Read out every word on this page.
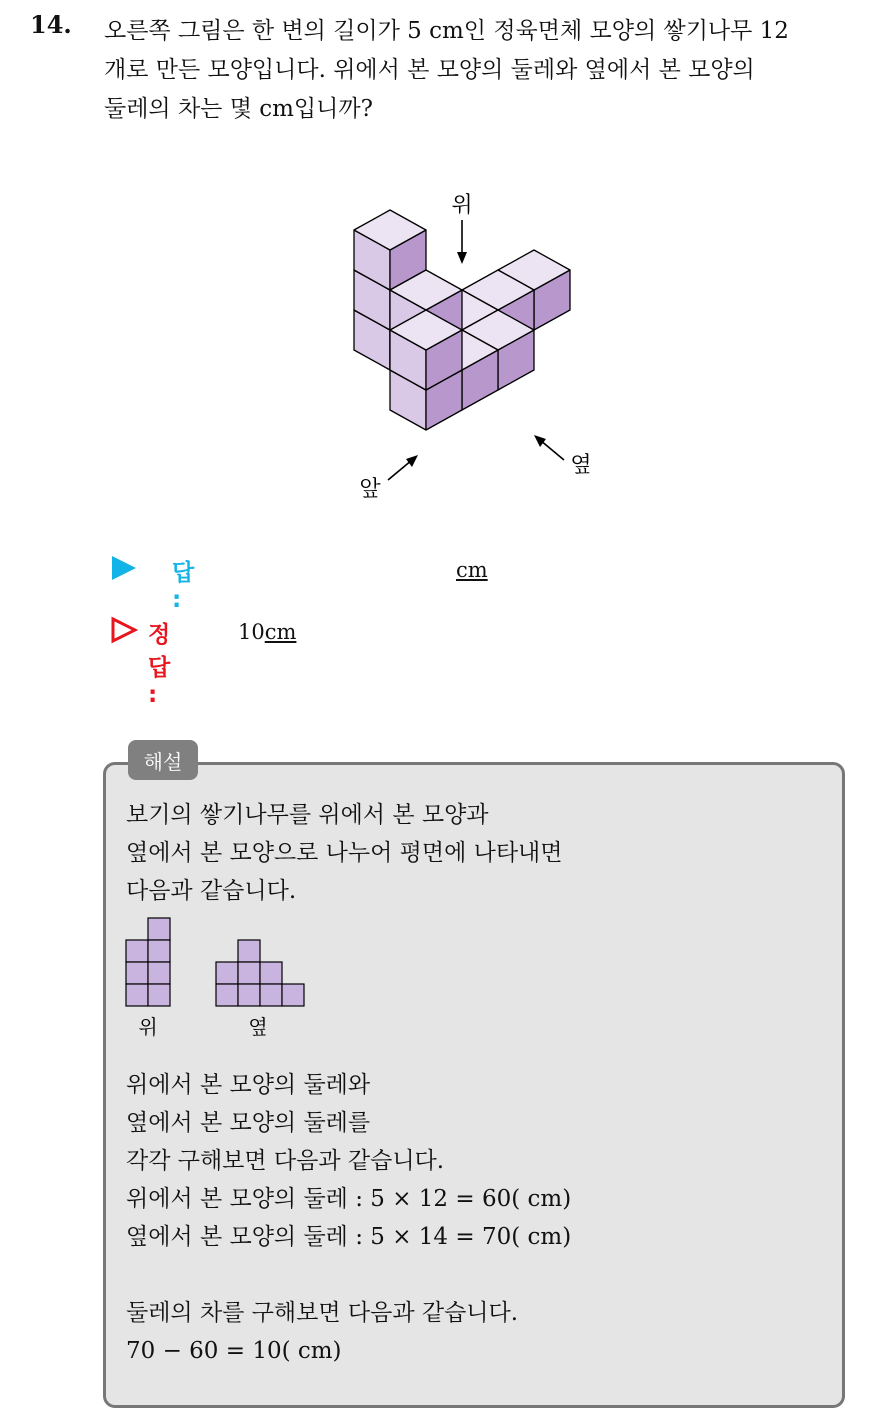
14. 오른쪽 그림은 한 변의 길이가 5 cm인 정육면체 모양의 쌓기나무 12
개로 만든 모양입니다. 위에서 본 모양의 둘레와 옆에서 본 모양의
둘레의 차는 몇 cm입니까?
위
앞
옆
답 :
cm
정답 :
10cm
해설
보기의 쌓기나무를 위에서 본 모양과
옆에서 본 모양으로 나누어 평면에 나타내면
다음과 같습니다.
위	옆
위에서 본 모양의 둘레와
옆에서 본 모양의 둘레를
각각 구해보면 다음과 같습니다.
위에서 본 모양의 둘레 : 5 × 12 = 60( cm)
옆에서 본 모양의 둘레 : 5 × 14 = 70( cm)
둘레의 차를 구해보면 다음과 같습니다.
70 − 60 = 10( cm)
